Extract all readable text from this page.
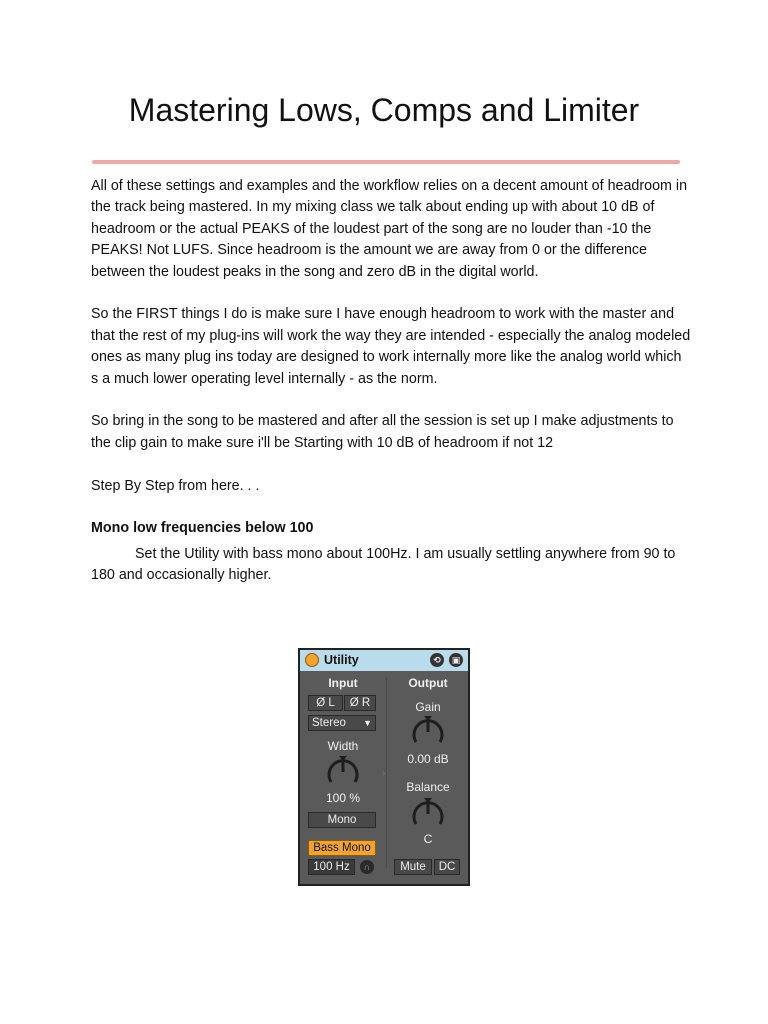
Mastering Lows, Comps and Limiter

All of these settings and examples and the workflow relies on a decent amount of headroom in the track being mastered. In my mixing class we talk about ending up with about 10 dB of headroom or the actual PEAKS of the loudest part of the song are no louder than -10 the PEAKS! Not LUFS. Since headroom is the amount we are away from 0 or the difference between the loudest peaks in the song and zero dB in the digital world.

So the FIRST things I do is make sure I have enough headroom to work with the master and that the rest of my plug-ins will work the way they are intended - especially the analog modeled ones as many plug ins today are designed to work internally more like the analog world which s a much lower operating level internally - as the norm.

So bring in the song to be mastered and after all the session is set up I make adjustments to the clip gain to make sure i'll be Starting with 10 dB of headroom if not 12

Step By Step from here. . .

Mono low frequencies below 100

Set the Utility with bass mono about 100Hz. I am usually settling anywhere from 90 to 180 and occasionally higher.

Utility	⟲	▣
Input	Output
Ø L	Ø R
Stereo ▼
Width
100 %
Mono
Bass Mono
100 Hz	∩
›
Gain
0.00 dB
Balance
C
Mute	DC
